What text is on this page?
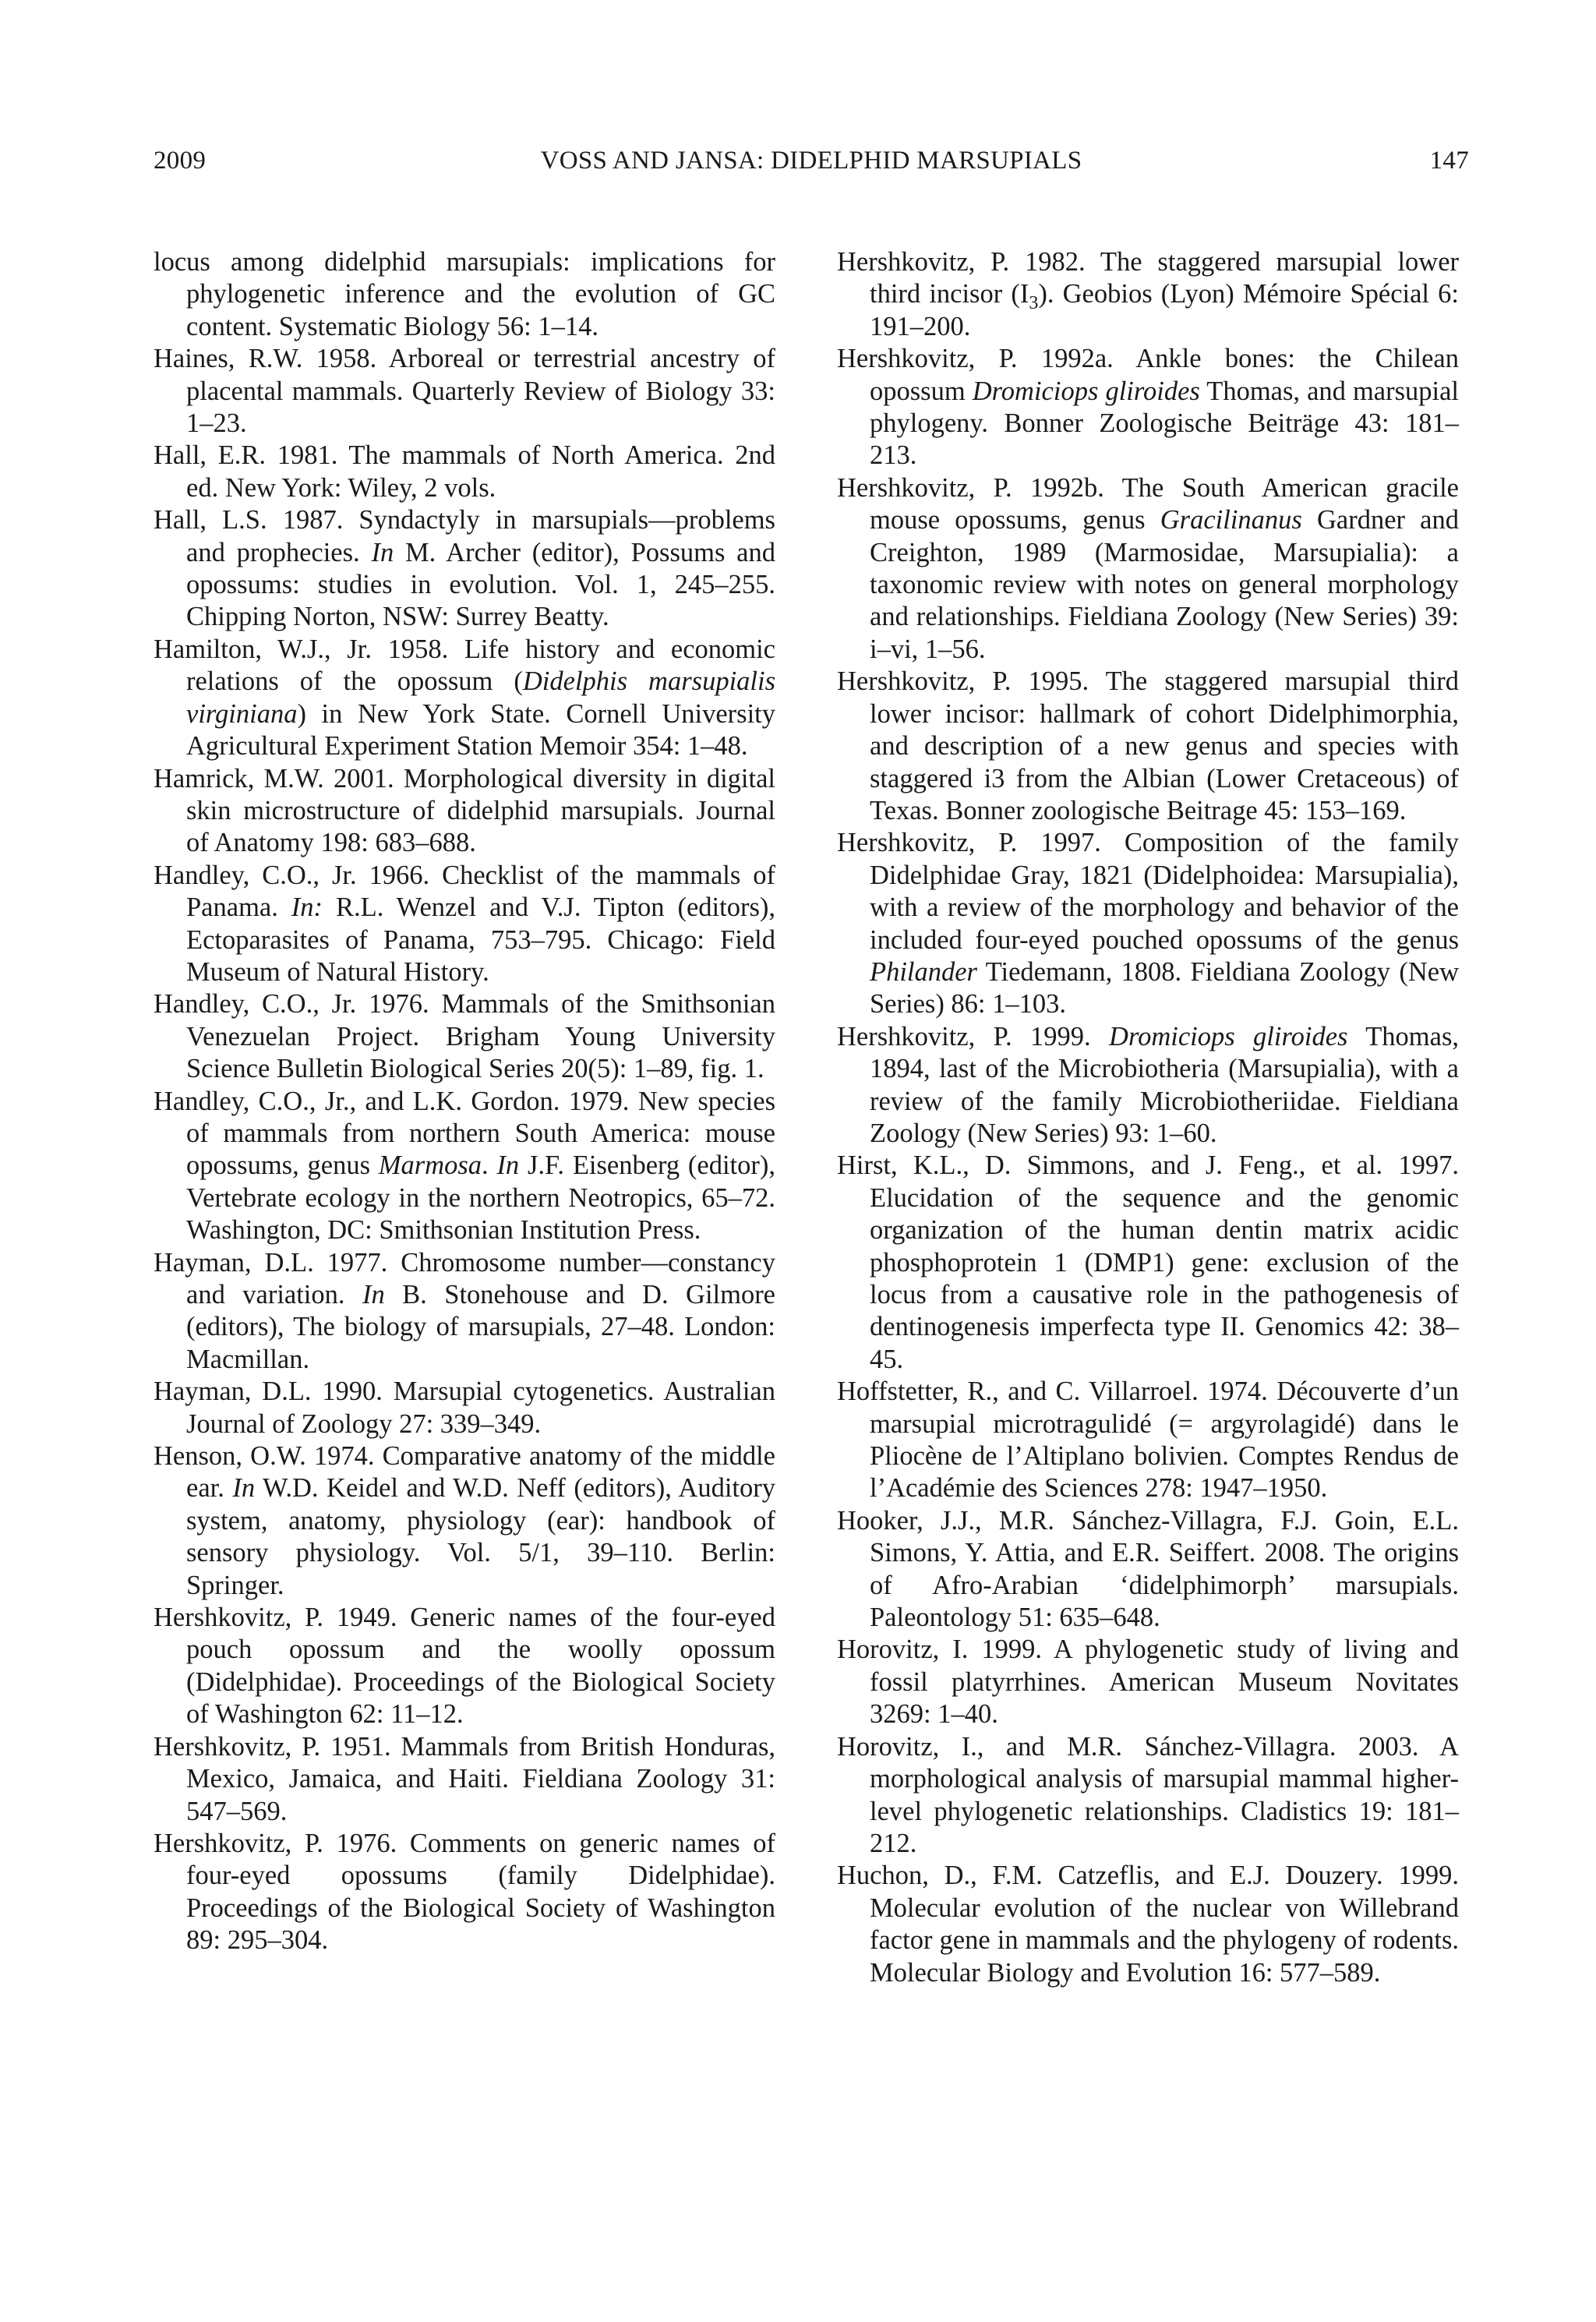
2009	VOSS AND JANSA: DIDELPHID MARSUPIALS	147

locus among didelphid marsupials: implications for phylogenetic inference and the evolution of GC content. Systematic Biology 56: 1–14.

Haines, R.W. 1958. Arboreal or terrestrial ancestry of placental mammals. Quarterly Review of Biology 33: 1–23.

Hall, E.R. 1981. The mammals of North America. 2nd ed. New York: Wiley, 2 vols.

Hall, L.S. 1987. Syndactyly in marsupials—problems and prophecies. In M. Archer (editor), Possums and opossums: studies in evolution. Vol. 1, 245–255. Chipping Norton, NSW: Surrey Beatty.

Hamilton, W.J., Jr. 1958. Life history and economic relations of the opossum (Didelphis marsupialis virginiana) in New York State. Cornell University Agricultural Experiment Station Memoir 354: 1–48.

Hamrick, M.W. 2001. Morphological diversity in digital skin microstructure of didelphid marsupials. Journal of Anatomy 198: 683–688.

Handley, C.O., Jr. 1966. Checklist of the mammals of Panama. In: R.L. Wenzel and V.J. Tipton (editors), Ectoparasites of Panama, 753–795. Chicago: Field Museum of Natural History.

Handley, C.O., Jr. 1976. Mammals of the Smithsonian Venezuelan Project. Brigham Young University Science Bulletin Biological Series 20(5): 1–89, fig. 1.

Handley, C.O., Jr., and L.K. Gordon. 1979. New species of mammals from northern South America: mouse opossums, genus Marmosa. In J.F. Eisenberg (editor), Vertebrate ecology in the northern Neotropics, 65–72. Washington, DC: Smithsonian Institution Press.

Hayman, D.L. 1977. Chromosome number—constancy and variation. In B. Stonehouse and D. Gilmore (editors), The biology of marsupials, 27–48. London: Macmillan.

Hayman, D.L. 1990. Marsupial cytogenetics. Australian Journal of Zoology 27: 339–349.

Henson, O.W. 1974. Comparative anatomy of the middle ear. In W.D. Keidel and W.D. Neff (editors), Auditory system, anatomy, physiology (ear): handbook of sensory physiology. Vol. 5/1, 39–110. Berlin: Springer.

Hershkovitz, P. 1949. Generic names of the four-eyed pouch opossum and the woolly opossum (Didelphidae). Proceedings of the Biological Society of Washington 62: 11–12.

Hershkovitz, P. 1951. Mammals from British Honduras, Mexico, Jamaica, and Haiti. Fieldiana Zoology 31: 547–569.

Hershkovitz, P. 1976. Comments on generic names of four-eyed opossums (family Didelphidae). Proceedings of the Biological Society of Washington 89: 295–304.

Hershkovitz, P. 1982. The staggered marsupial lower third incisor $(I_3)$. Geobios (Lyon) Mémoire Spécial 6: 191–200.

Hershkovitz, P. 1992a. Ankle bones: the Chilean opossum Dromiciops gliroides Thomas, and marsupial phylogeny. Bonner Zoologische Beiträge 43: 181–213.

Hershkovitz, P. 1992b. The South American gracile mouse opossums, genus Gracilinanus Gardner and Creighton, 1989 (Marmosidae, Marsupialia): a taxonomic review with notes on general morphology and relationships. Fieldiana Zoology (New Series) 39: i–vi, 1–56.

Hershkovitz, P. 1995. The staggered marsupial third lower incisor: hallmark of cohort Didelphimorphia, and description of a new genus and species with staggered i3 from the Albian (Lower Cretaceous) of Texas. Bonner zoologische Beitrage 45: 153–169.

Hershkovitz, P. 1997. Composition of the family Didelphidae Gray, 1821 (Didelphoidea: Marsupialia), with a review of the morphology and behavior of the included four-eyed pouched opossums of the genus Philander Tiedemann, 1808. Fieldiana Zoology (New Series) 86: 1–103.

Hershkovitz, P. 1999. Dromiciops gliroides Thomas, 1894, last of the Microbiotheria (Marsupialia), with a review of the family Microbiotheriidae. Fieldiana Zoology (New Series) 93: 1–60.

Hirst, K.L., D. Simmons, and J. Feng., et al. 1997. Elucidation of the sequence and the genomic organization of the human dentin matrix acidic phosphoprotein 1 (DMP1) gene: exclusion of the locus from a causative role in the pathogenesis of dentinogenesis imperfecta type II. Genomics 42: 38–45.

Hoffstetter, R., and C. Villarroel. 1974. Découverte d’un marsupial microtragulidé (= argyrolagidé) dans le Pliocène de l’Altiplano bolivien. Comptes Rendus de l’Académie des Sciences 278: 1947–1950.

Hooker, J.J., M.R. Sánchez-Villagra, F.J. Goin, E.L. Simons, Y. Attia, and E.R. Seiffert. 2008. The origins of Afro-Arabian ‘didelphimorph’ marsupials. Paleontology 51: 635–648.

Horovitz, I. 1999. A phylogenetic study of living and fossil platyrrhines. American Museum Novitates 3269: 1–40.

Horovitz, I., and M.R. Sánchez-Villagra. 2003. A morphological analysis of marsupial mammal higher-level phylogenetic relationships. Cladistics 19: 181–212.

Huchon, D., F.M. Catzeflis, and E.J. Douzery. 1999. Molecular evolution of the nuclear von Willebrand factor gene in mammals and the phylogeny of rodents. Molecular Biology and Evolution 16: 577–589.
